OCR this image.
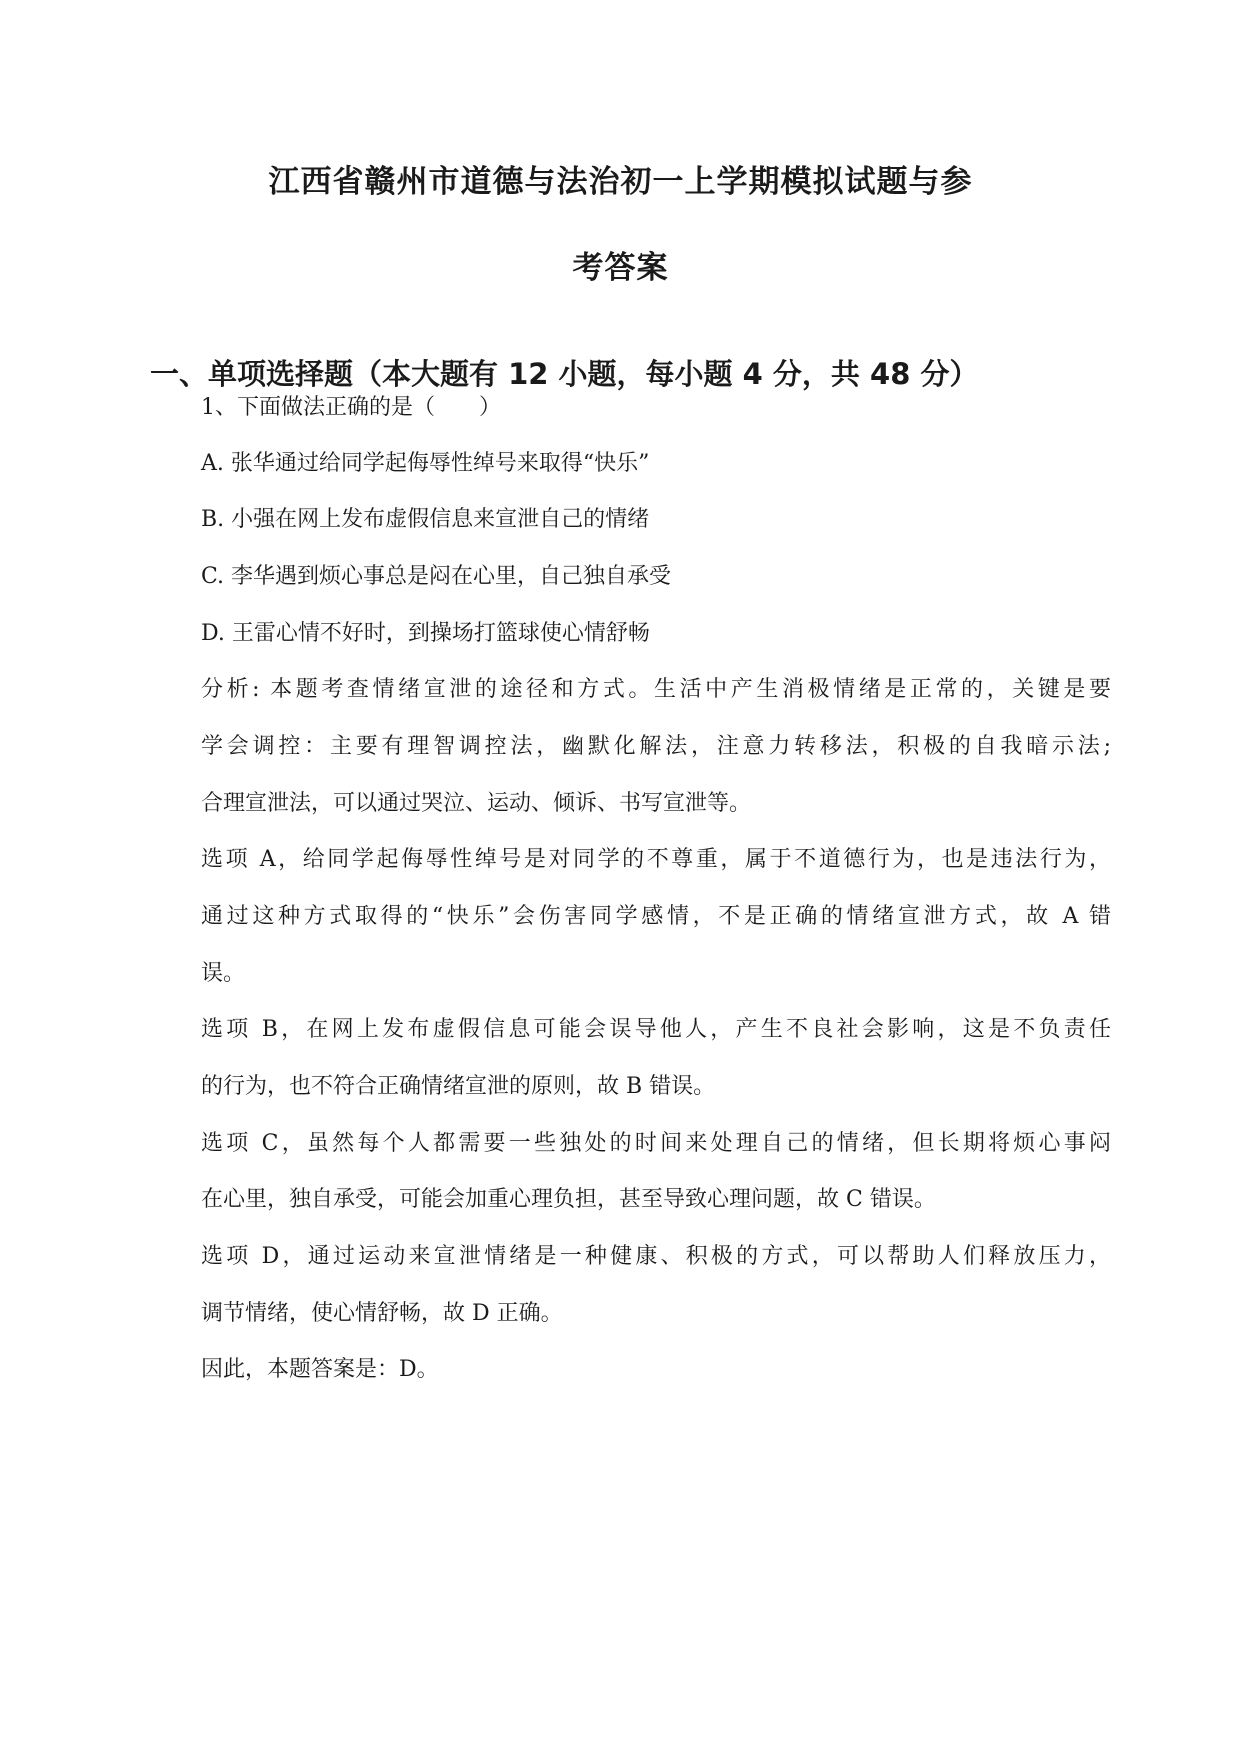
江西省赣州市道德与法治初一上学期模拟试题与参
考答案
一、单项选择题（本大题有 12 小题，每小题 4 分，共 48 分）
1、下面做法正确的是（　　）
A. 张华通过给同学起侮辱性绰号来取得“快乐”
B. 小强在网上发布虚假信息来宣泄自己的情绪
C. 李华遇到烦心事总是闷在心里，自己独自承受
D. 王雷心情不好时，到操场打篮球使心情舒畅
分析: 本题考查情绪宣泄的途径和方式。生活中产生消极情绪是正常的，关键是要
学会调控：主要有理智调控法，幽默化解法，注意力转移法，积极的自我暗示法;
合理宣泄法，可以通过哭泣、运动、倾诉、书写宣泄等。
选项 A，给同学起侮辱性绰号是对同学的不尊重，属于不道德行为，也是违法行为，
通过这种方式取得的“快乐”会伤害同学感情，不是正确的情绪宣泄方式，故 A 错
误。
选项 B，在网上发布虚假信息可能会误导他人，产生不良社会影响，这是不负责任
的行为，也不符合正确情绪宣泄的原则，故 B 错误。
选项 C，虽然每个人都需要一些独处的时间来处理自己的情绪，但长期将烦心事闷
在心里，独自承受，可能会加重心理负担，甚至导致心理问题，故 C 错误。
选项 D，通过运动来宣泄情绪是一种健康、积极的方式，可以帮助人们释放压力，
调节情绪，使心情舒畅，故 D 正确。
因此，本题答案是：D。
